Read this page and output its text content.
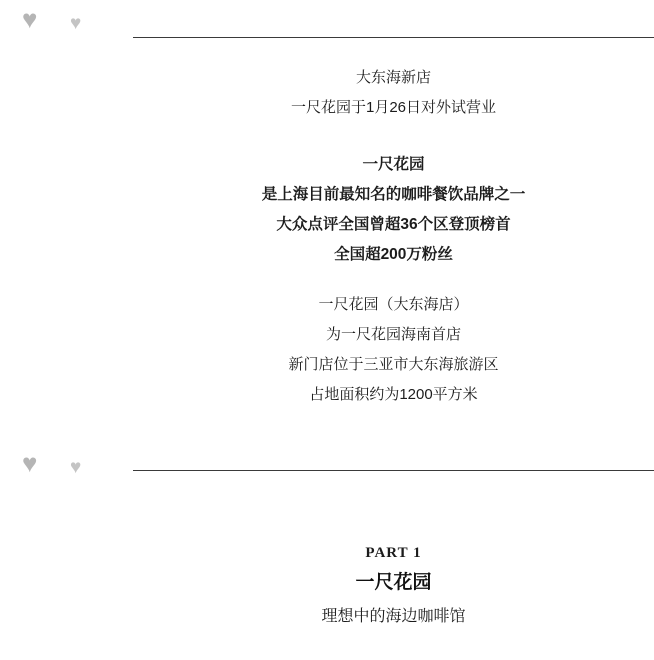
♥ ♥
♥ ♥
大东海新店
一尺花园于1月26日对外试营业
一尺花园
是上海目前最知名的咖啡餐饮品牌之一
大众点评全国曾超36个区登顶榜首
全国超200万粉丝
一尺花园（大东海店）
为一尺花园海南首店
新门店位于三亚市大东海旅游区
占地面积约为1200平方米
PART 1
一尺花园
理想中的海边咖啡馆
